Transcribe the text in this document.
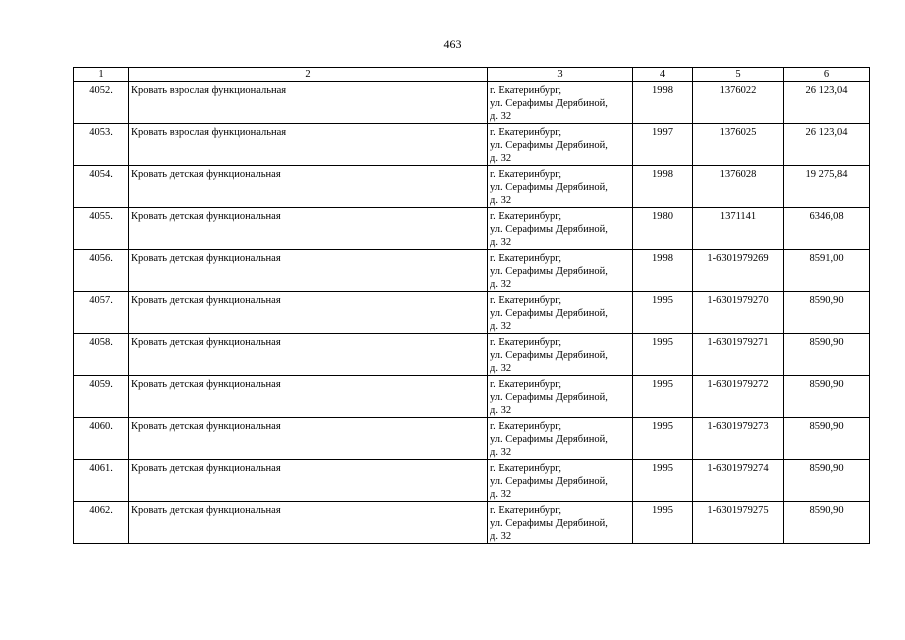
463
1	2	3	4	5	6
4052.	Кровать взрослая функциональная	г. Екатеринбург,
ул. Серафимы Дерябиной,
д. 32	1998	1376022	26 123,04
4053.	Кровать взрослая функциональная	г. Екатеринбург,
ул. Серафимы Дерябиной,
д. 32	1997	1376025	26 123,04
4054.	Кровать детская функциональная	г. Екатеринбург,
ул. Серафимы Дерябиной,
д. 32	1998	1376028	19 275,84
4055.	Кровать детская функциональная	г. Екатеринбург,
ул. Серафимы Дерябиной,
д. 32	1980	1371141	6346,08
4056.	Кровать детская функциональная	г. Екатеринбург,
ул. Серафимы Дерябиной,
д. 32	1998	1-6301979269	8591,00
4057.	Кровать детская функциональная	г. Екатеринбург,
ул. Серафимы Дерябиной,
д. 32	1995	1-6301979270	8590,90
4058.	Кровать детская функциональная	г. Екатеринбург,
ул. Серафимы Дерябиной,
д. 32	1995	1-6301979271	8590,90
4059.	Кровать детская функциональная	г. Екатеринбург,
ул. Серафимы Дерябиной,
д. 32	1995	1-6301979272	8590,90
4060.	Кровать детская функциональная	г. Екатеринбург,
ул. Серафимы Дерябиной,
д. 32	1995	1-6301979273	8590,90
4061.	Кровать детская функциональная	г. Екатеринбург,
ул. Серафимы Дерябиной,
д. 32	1995	1-6301979274	8590,90
4062.	Кровать детская функциональная	г. Екатеринбург,
ул. Серафимы Дерябиной,
д. 32	1995	1-6301979275	8590,90
